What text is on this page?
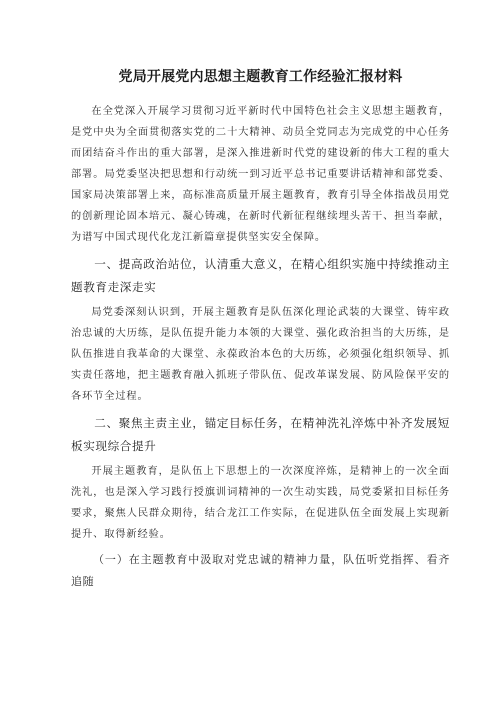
党局开展党内思想主题教育工作经验汇报材料

在全党深入开展学习贯彻习近平新时代中国特色社会主义思想主题教育，是党中央为全面贯彻落实党的二十大精神、动员全党同志为完成党的中心任务而团结奋斗作出的重大部署，是深入推进新时代党的建设新的伟大工程的重大部署。局党委坚决把思想和行动统一到习近平总书记重要讲话精神和部党委、国家局决策部署上来，高标准高质量开展主题教育，教育引导全体指战员用党的创新理论固本培元、凝心铸魂，在新时代新征程继续埋头苦干、担当奉献，为谱写中国式现代化龙江新篇章提供坚实安全保障。

一、提高政治站位，认清重大意义，在精心组织实施中持续推动主题教育走深走实

局党委深刻认识到，开展主题教育是队伍深化理论武装的大课堂、铸牢政治忠诚的大历练，是队伍提升能力本领的大课堂、强化政治担当的大历练，是队伍推进自我革命的大课堂、永葆政治本色的大历练，必须强化组织领导、抓实责任落地，把主题教育融入抓班子带队伍、促改革谋发展、防风险保平安的各环节全过程。

二、聚焦主责主业，锚定目标任务，在精神洗礼淬炼中补齐发展短板实现综合提升

开展主题教育，是队伍上下思想上的一次深度淬炼，是精神上的一次全面洗礼，也是深入学习践行授旗训词精神的一次生动实践，局党委紧扣目标任务要求，聚焦人民群众期待，结合龙江工作实际，在促进队伍全面发展上实现新提升、取得新经验。

（一）在主题教育中汲取对党忠诚的精神力量，队伍听党指挥、看齐追随
